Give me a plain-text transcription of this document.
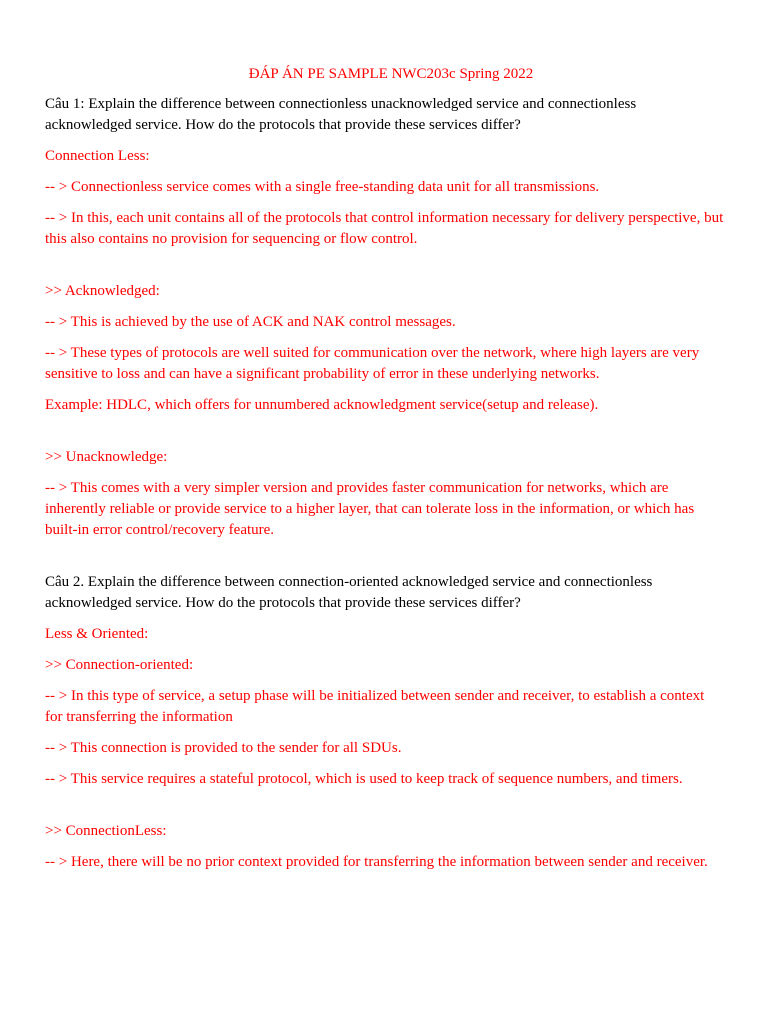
ĐÁP ÁN PE SAMPLE NWC203c Spring 2022

Câu 1: Explain the difference between connectionless unacknowledged service and connectionless acknowledged service. How do the protocols that provide these services differ?

Connection Less:

-- > Connectionless service comes with a single free-standing data unit for all transmissions.

-- > In this, each unit contains all of the protocols that control information necessary for delivery perspective, but this also contains no provision for sequencing or flow control.

>> Acknowledged:

-- > This is achieved by the use of ACK and NAK control messages.

-- > These types of protocols are well suited for communication over the network, where high layers are very sensitive to loss and can have a significant probability of error in these underlying networks.

Example: HDLC, which offers for unnumbered acknowledgment service(setup and release).

>> Unacknowledge:

-- > This comes with a very simpler version and provides faster communication for networks, which are inherently reliable or provide service to a higher layer, that can tolerate loss in the information, or which has built-in error control/recovery feature.

Câu 2. Explain the difference between connection-oriented acknowledged service and connectionless acknowledged service. How do the protocols that provide these services differ?

Less & Oriented:

>> Connection-oriented:

-- > In this type of service, a setup phase will be initialized between sender and receiver, to establish a context for transferring the information

-- > This connection is provided to the sender for all SDUs.

-- > This service requires a stateful protocol, which is used to keep track of sequence numbers, and timers.

>> ConnectionLess:

-- > Here, there will be no prior context provided for transferring the information between sender and receiver.
